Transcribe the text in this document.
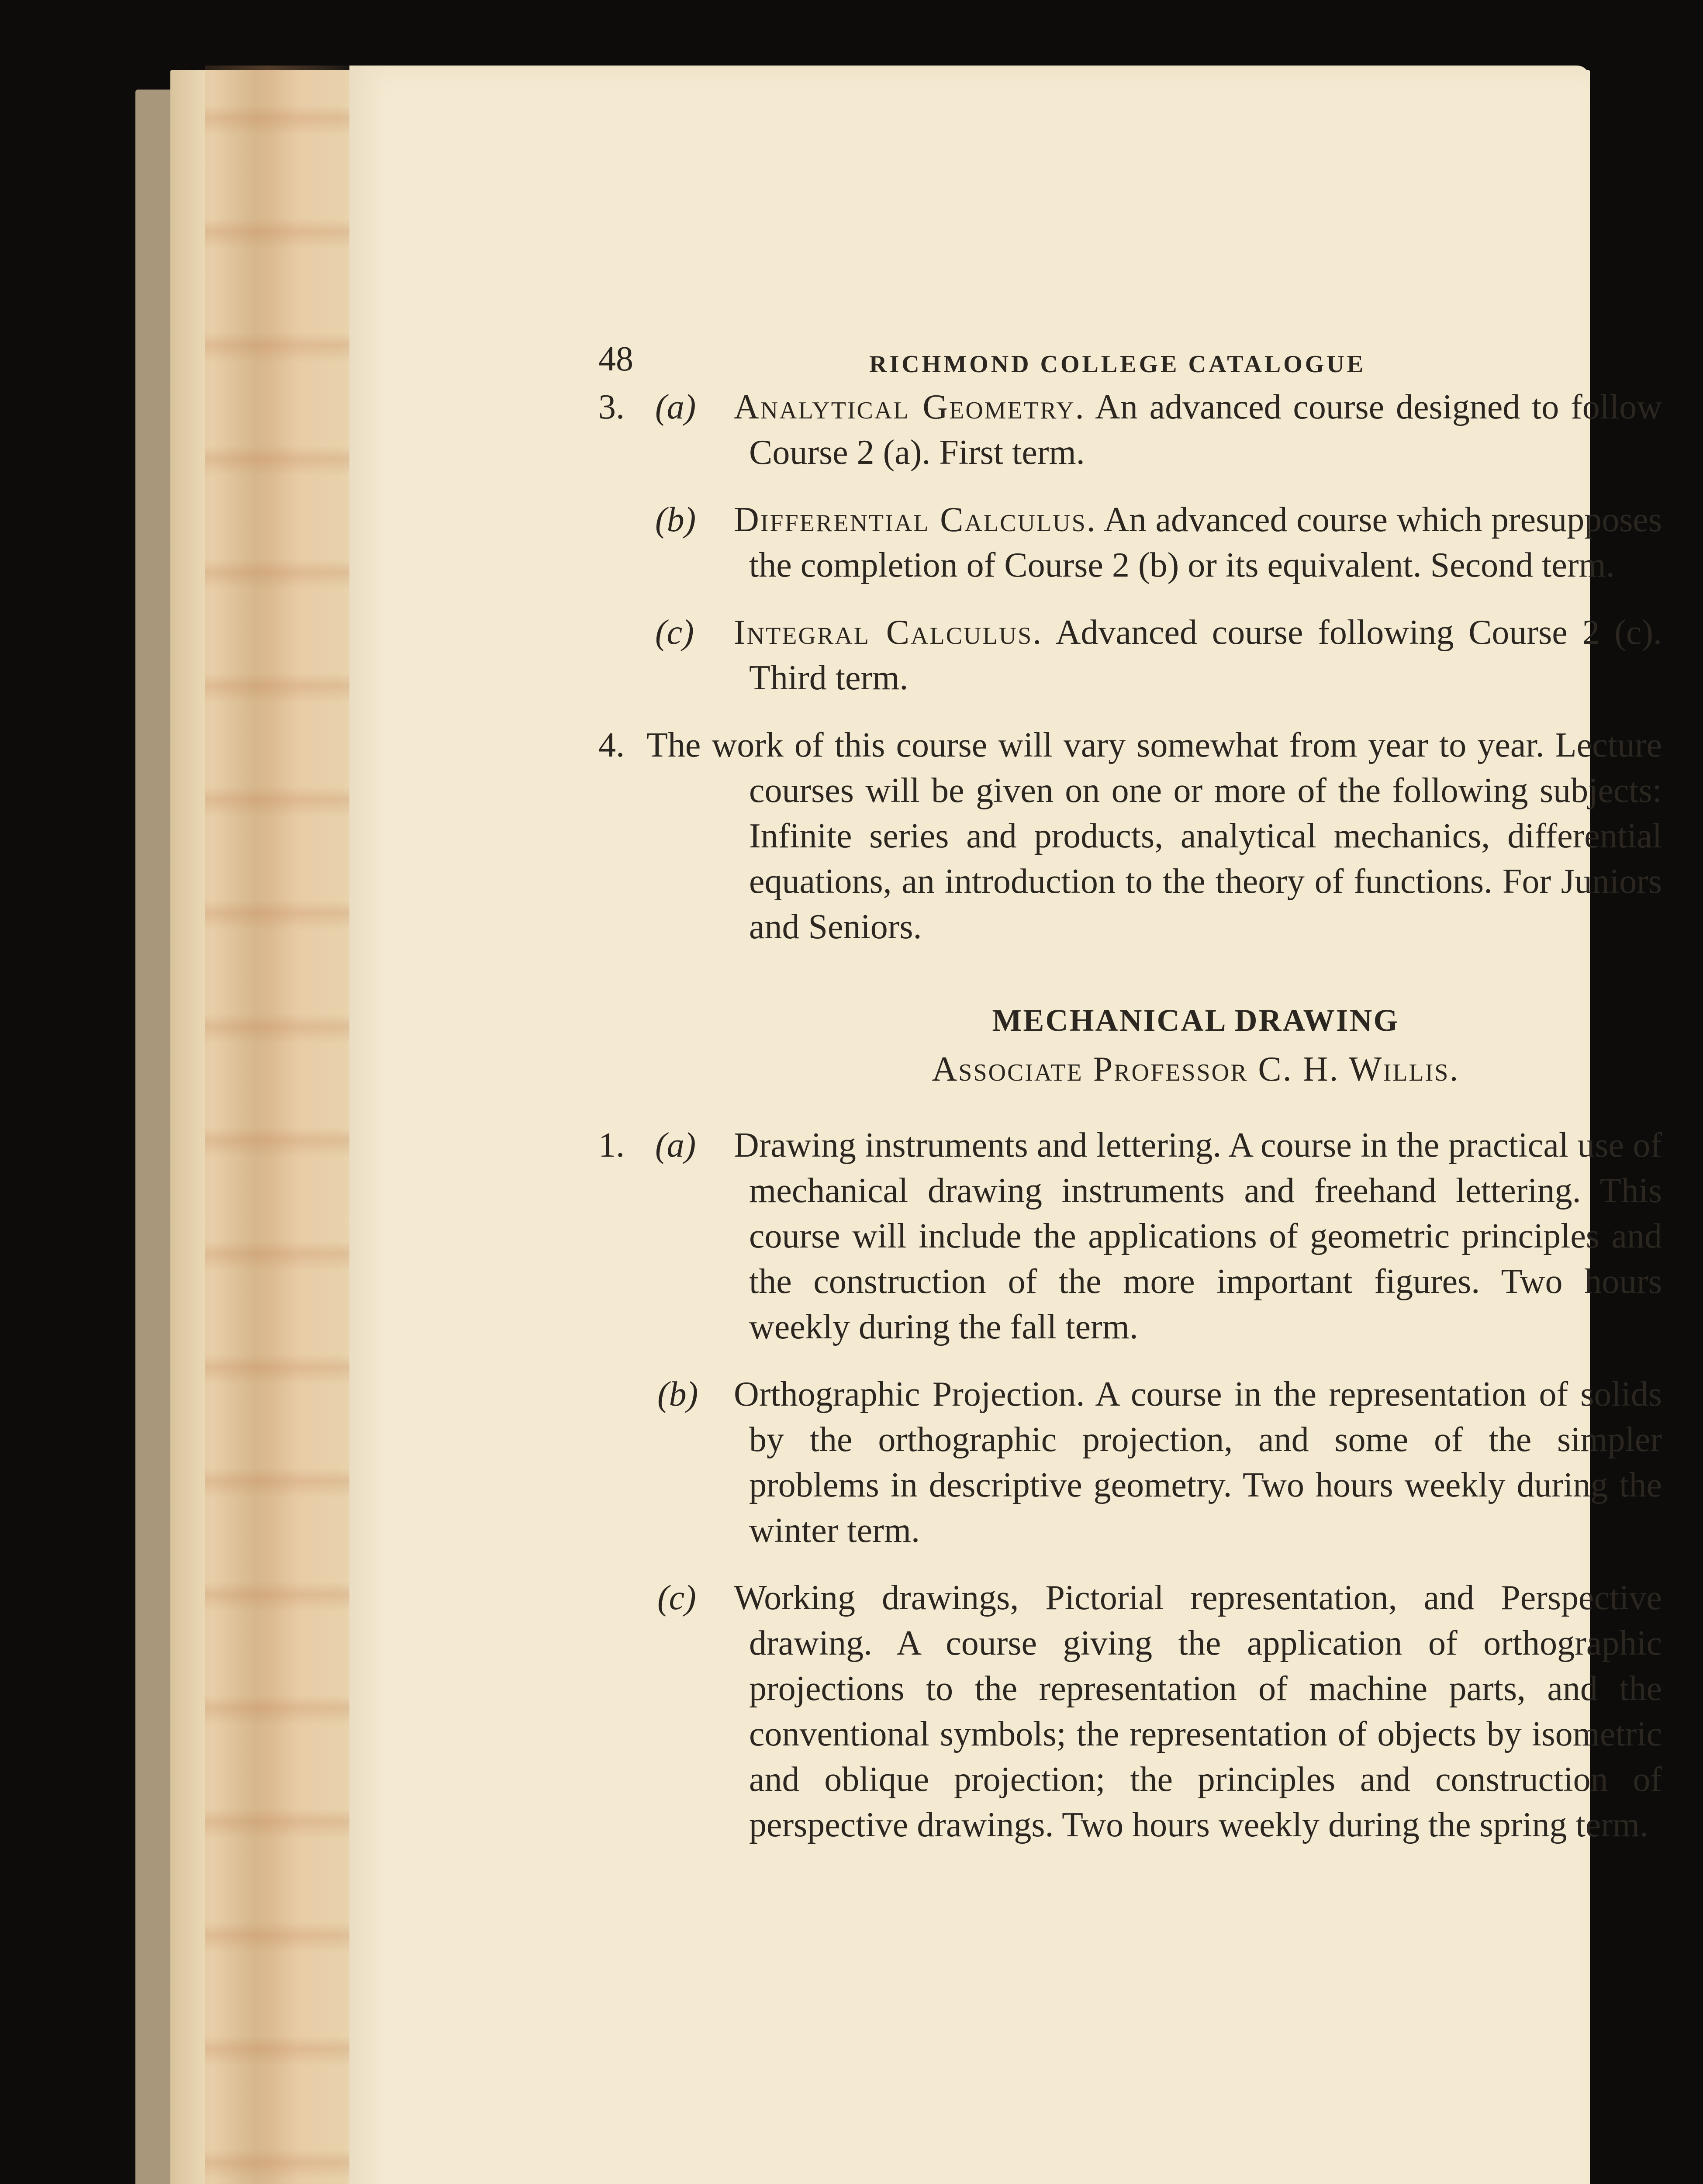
48	RICHMOND COLLEGE CATALOGUE
3. (a) Analytical Geometry. An advanced course designed to follow Course 2 (a). First term.

(b) Differential Calculus. An advanced course which presupposes the completion of Course 2 (b) or its equivalent. Second term.

(c) Integral Calculus. Advanced course following Course 2 (c). Third term.

4. The work of this course will vary somewhat from year to year. Lecture courses will be given on one or more of the following subjects: Infinite series and products, analytical mechanics, differential equations, an introduction to the theory of functions. For Juniors and Seniors.

MECHANICAL DRAWING
Associate Professor C. H. Willis.
1. (a) Drawing instruments and lettering. A course in the practical use of mechanical drawing instruments and freehand lettering. This course will include the applications of geometric principles and the construction of the more important figures. Two hours weekly during the fall term.

(b) Orthographic Projection. A course in the representation of solids by the orthographic projection, and some of the simpler problems in descriptive geometry. Two hours weekly during the winter term.

(c) Working drawings, Pictorial representation, and Perspective drawing. A course giving the application of orthographic projections to the representation of machine parts, and the conventional symbols; the representation of objects by isometric and oblique projection; the principles and construction of perspective drawings. Two hours weekly during the spring term.
